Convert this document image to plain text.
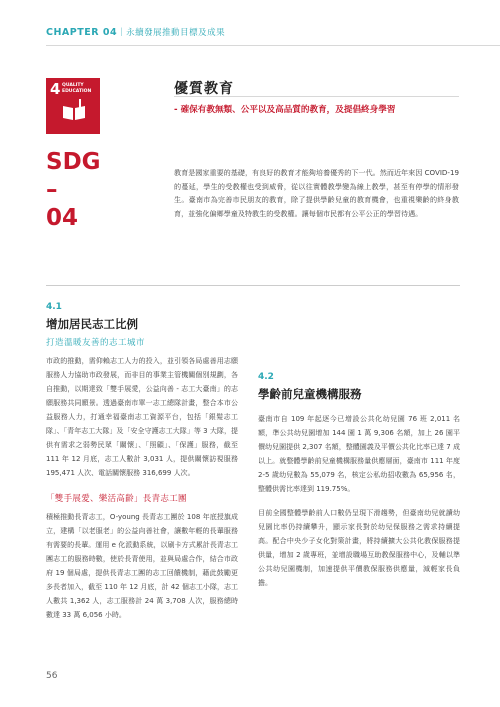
CHAPTER 04｜永續發展推動目標及成果
4 QUALITY
EDUCATION
SDG
–
04
優質教育
- 確保有教無類、公平以及高品質的教育，及提倡終身學習
教育是國家重要的基礎，有良好的教育才能夠培養優秀的下一代。然而近年來因 COVID-19 的蔓延，學生的受教權也受到威脅，從以往實體教學變為線上教學，甚至有停學的情形發生。臺南市為完善市民朋友的教育，除了提供學齡兒童的教育機會，也重視樂齡的終身教育，並強化偏鄉學童及特教生的受教權。讓每個市民都有公平公正的學習待遇。
4.1
增加居民志工比例
打造溫暖友善的志工城市
市政的推動，需仰賴志工人力的投入，並引領各局處善用志願服務人力協助市政發展，而非目的事業主管機關個別規劃，各自推動，以期達致「雙手展愛，公益向善 - 志工大臺南」的志願服務共同願景。透過臺南市單一志工總隊計畫，整合本市公益服務人力，打通幸福臺南志工資源平台，包括「銀髮志工隊」、「青年志工大隊」及「安全守護志工大隊」等 3 大隊，提供有需求之弱勢民眾「關懷」、「照顧」、「保護」服務，截至 111 年 12 月底，志工人數計 3,031 人，提供關懷訪視服務 195,471 人次、電話關懷服務 316,699 人次。
「雙手展愛、樂活高齡」長青志工團
積極推動長青志工，O-young 長青志工團於 108 年底授旗成立，建構「以老服老」的公益向善社會，讓數年輕的長輩服務有需要的長輩。運用 e 化派動系統，以刷卡方式累計長青志工團志工的服務時數，使於長青使用，並與局處合作，結合市政府 19 個局處，提供長青志工團的志工回饋機制，藉此鼓勵更多長者加入，截至 110 年 12 月底，計 42 個志工小隊，志工人數共 1,362 人，志工服務計 24 萬 3,708 人次，服務總時數達 33 萬 6,056 小時。
4.2
學齡前兒童機構服務
臺南市自 109 年起逐今已增設公共化幼兒園 76 班 2,011 名額，準公共幼兒園增加 144 園 1 萬 9,306 名額，加上 26 園平價幼兒園提供 2,307 名額，整體園義及平價公共化比率已達 7 成以上。就整體學齡前兒童機構服務量供應層面，臺南市 111 年度 2-5 歲幼兒數為 55,079 名，核定公私幼招收數為 65,956 名，整體供需比率達到 119.75%。
目前全國整體學齡前人口數仍呈現下滑趨勢，但臺南幼兒就讀幼兒園比率仍持續攀升，顯示家長對於幼兒保服務之需求持續提高。配合中央少子女化對策計畫，將持續擴大公共化教保服務提供量，增加 2 歲專班，並增設職場互助教保服務中心，及輔以準公共幼兒園機制，加速提供平價教保服務供應量，減輕家長負擔。
56
